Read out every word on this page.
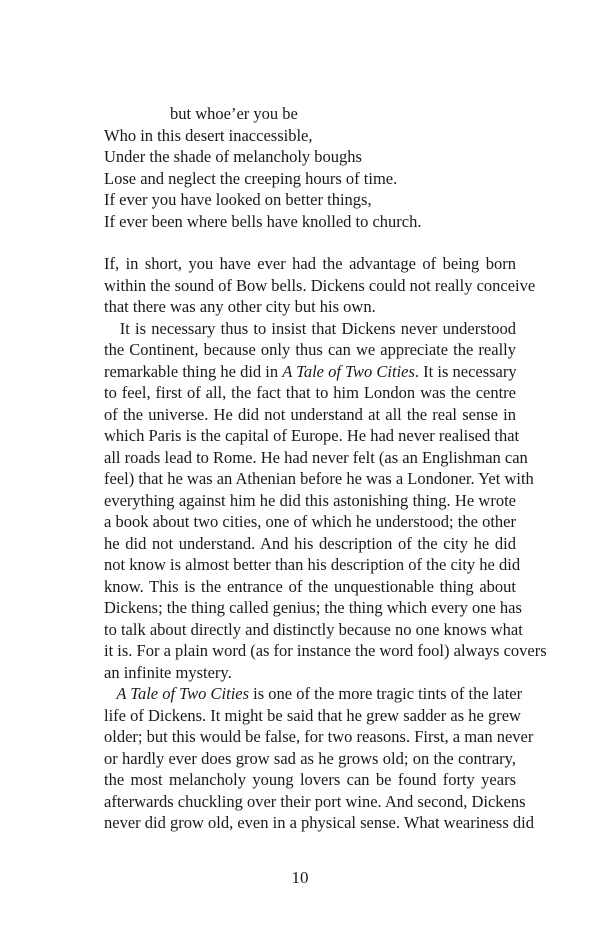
but whoe’er you be
Who in this desert inaccessible,
Under the shade of melancholy boughs
Lose and neglect the creeping hours of time.
If ever you have looked on better things,
If ever been where bells have knolled to church.
If, in short, you have ever had the advantage of being born
within the sound of Bow bells. Dickens could not really conceive
that there was any other city but his own.
It is necessary thus to insist that Dickens never understood
the Continent, because only thus can we appreciate the really
remarkable thing he did in A Tale of Two Cities. It is necessary
to feel, first of all, the fact that to him London was the centre
of the universe. He did not understand at all the real sense in
which Paris is the capital of Europe. He had never realised that
all roads lead to Rome. He had never felt (as an Englishman can
feel) that he was an Athenian before he was a Londoner. Yet with
everything against him he did this astonishing thing. He wrote
a book about two cities, one of which he understood; the other
he did not understand. And his description of the city he did
not know is almost better than his description of the city he did
know. This is the entrance of the unquestionable thing about
Dickens; the thing called genius; the thing which every one has
to talk about directly and distinctly because no one knows what
it is. For a plain word (as for instance the word fool) always covers
an infinite mystery.
A Tale of Two Cities is one of the more tragic tints of the later
life of Dickens. It might be said that he grew sadder as he grew
older; but this would be false, for two reasons. First, a man never
or hardly ever does grow sad as he grows old; on the contrary,
the most melancholy young lovers can be found forty years
afterwards chuckling over their port wine. And second, Dickens
never did grow old, even in a physical sense. What weariness did
10
